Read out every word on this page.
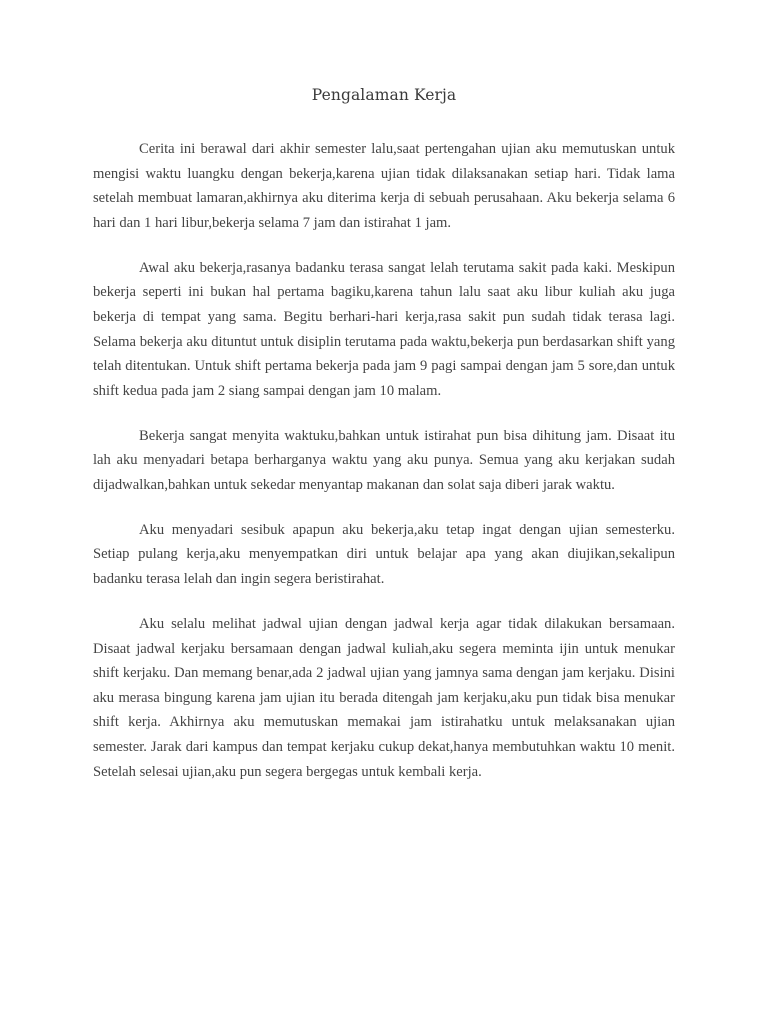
Pengalaman Kerja

Cerita ini berawal dari akhir semester lalu,saat pertengahan ujian aku memutuskan untuk mengisi waktu luangku dengan bekerja,karena ujian tidak dilaksanakan setiap hari. Tidak lama setelah membuat lamaran,akhirnya aku diterima kerja di sebuah perusahaan. Aku bekerja selama 6 hari dan 1 hari libur,bekerja selama 7 jam dan istirahat 1 jam.

Awal aku bekerja,rasanya badanku terasa sangat lelah terutama sakit pada kaki. Meskipun bekerja seperti ini bukan hal pertama bagiku,karena tahun lalu saat aku libur kuliah aku juga bekerja di tempat yang sama. Begitu berhari-hari kerja,rasa sakit pun sudah tidak terasa lagi. Selama bekerja aku dituntut untuk disiplin terutama pada waktu,bekerja pun berdasarkan shift yang telah ditentukan. Untuk shift pertama bekerja pada jam 9 pagi sampai dengan jam 5 sore,dan untuk shift kedua pada jam 2 siang sampai dengan jam 10 malam.

Bekerja sangat menyita waktuku,bahkan untuk istirahat pun bisa dihitung jam. Disaat itu lah aku menyadari betapa berharganya waktu yang aku punya. Semua yang aku kerjakan sudah dijadwalkan,bahkan untuk sekedar menyantap makanan dan solat saja diberi jarak waktu.

Aku menyadari sesibuk apapun aku bekerja,aku tetap ingat dengan ujian semesterku. Setiap pulang kerja,aku menyempatkan diri untuk belajar apa yang akan diujikan,sekalipun badanku terasa lelah dan ingin segera beristirahat.

Aku selalu melihat jadwal ujian dengan jadwal kerja agar tidak dilakukan bersamaan. Disaat jadwal kerjaku bersamaan dengan jadwal kuliah,aku segera meminta ijin untuk menukar shift kerjaku. Dan memang benar,ada 2 jadwal ujian yang jamnya sama dengan jam kerjaku. Disini aku merasa bingung karena jam ujian itu berada ditengah jam kerjaku,aku pun tidak bisa menukar shift kerja. Akhirnya aku memutuskan memakai jam istirahatku untuk melaksanakan ujian semester. Jarak dari kampus dan tempat kerjaku cukup dekat,hanya membutuhkan waktu 10 menit. Setelah selesai ujian,aku pun segera bergegas untuk kembali kerja.
